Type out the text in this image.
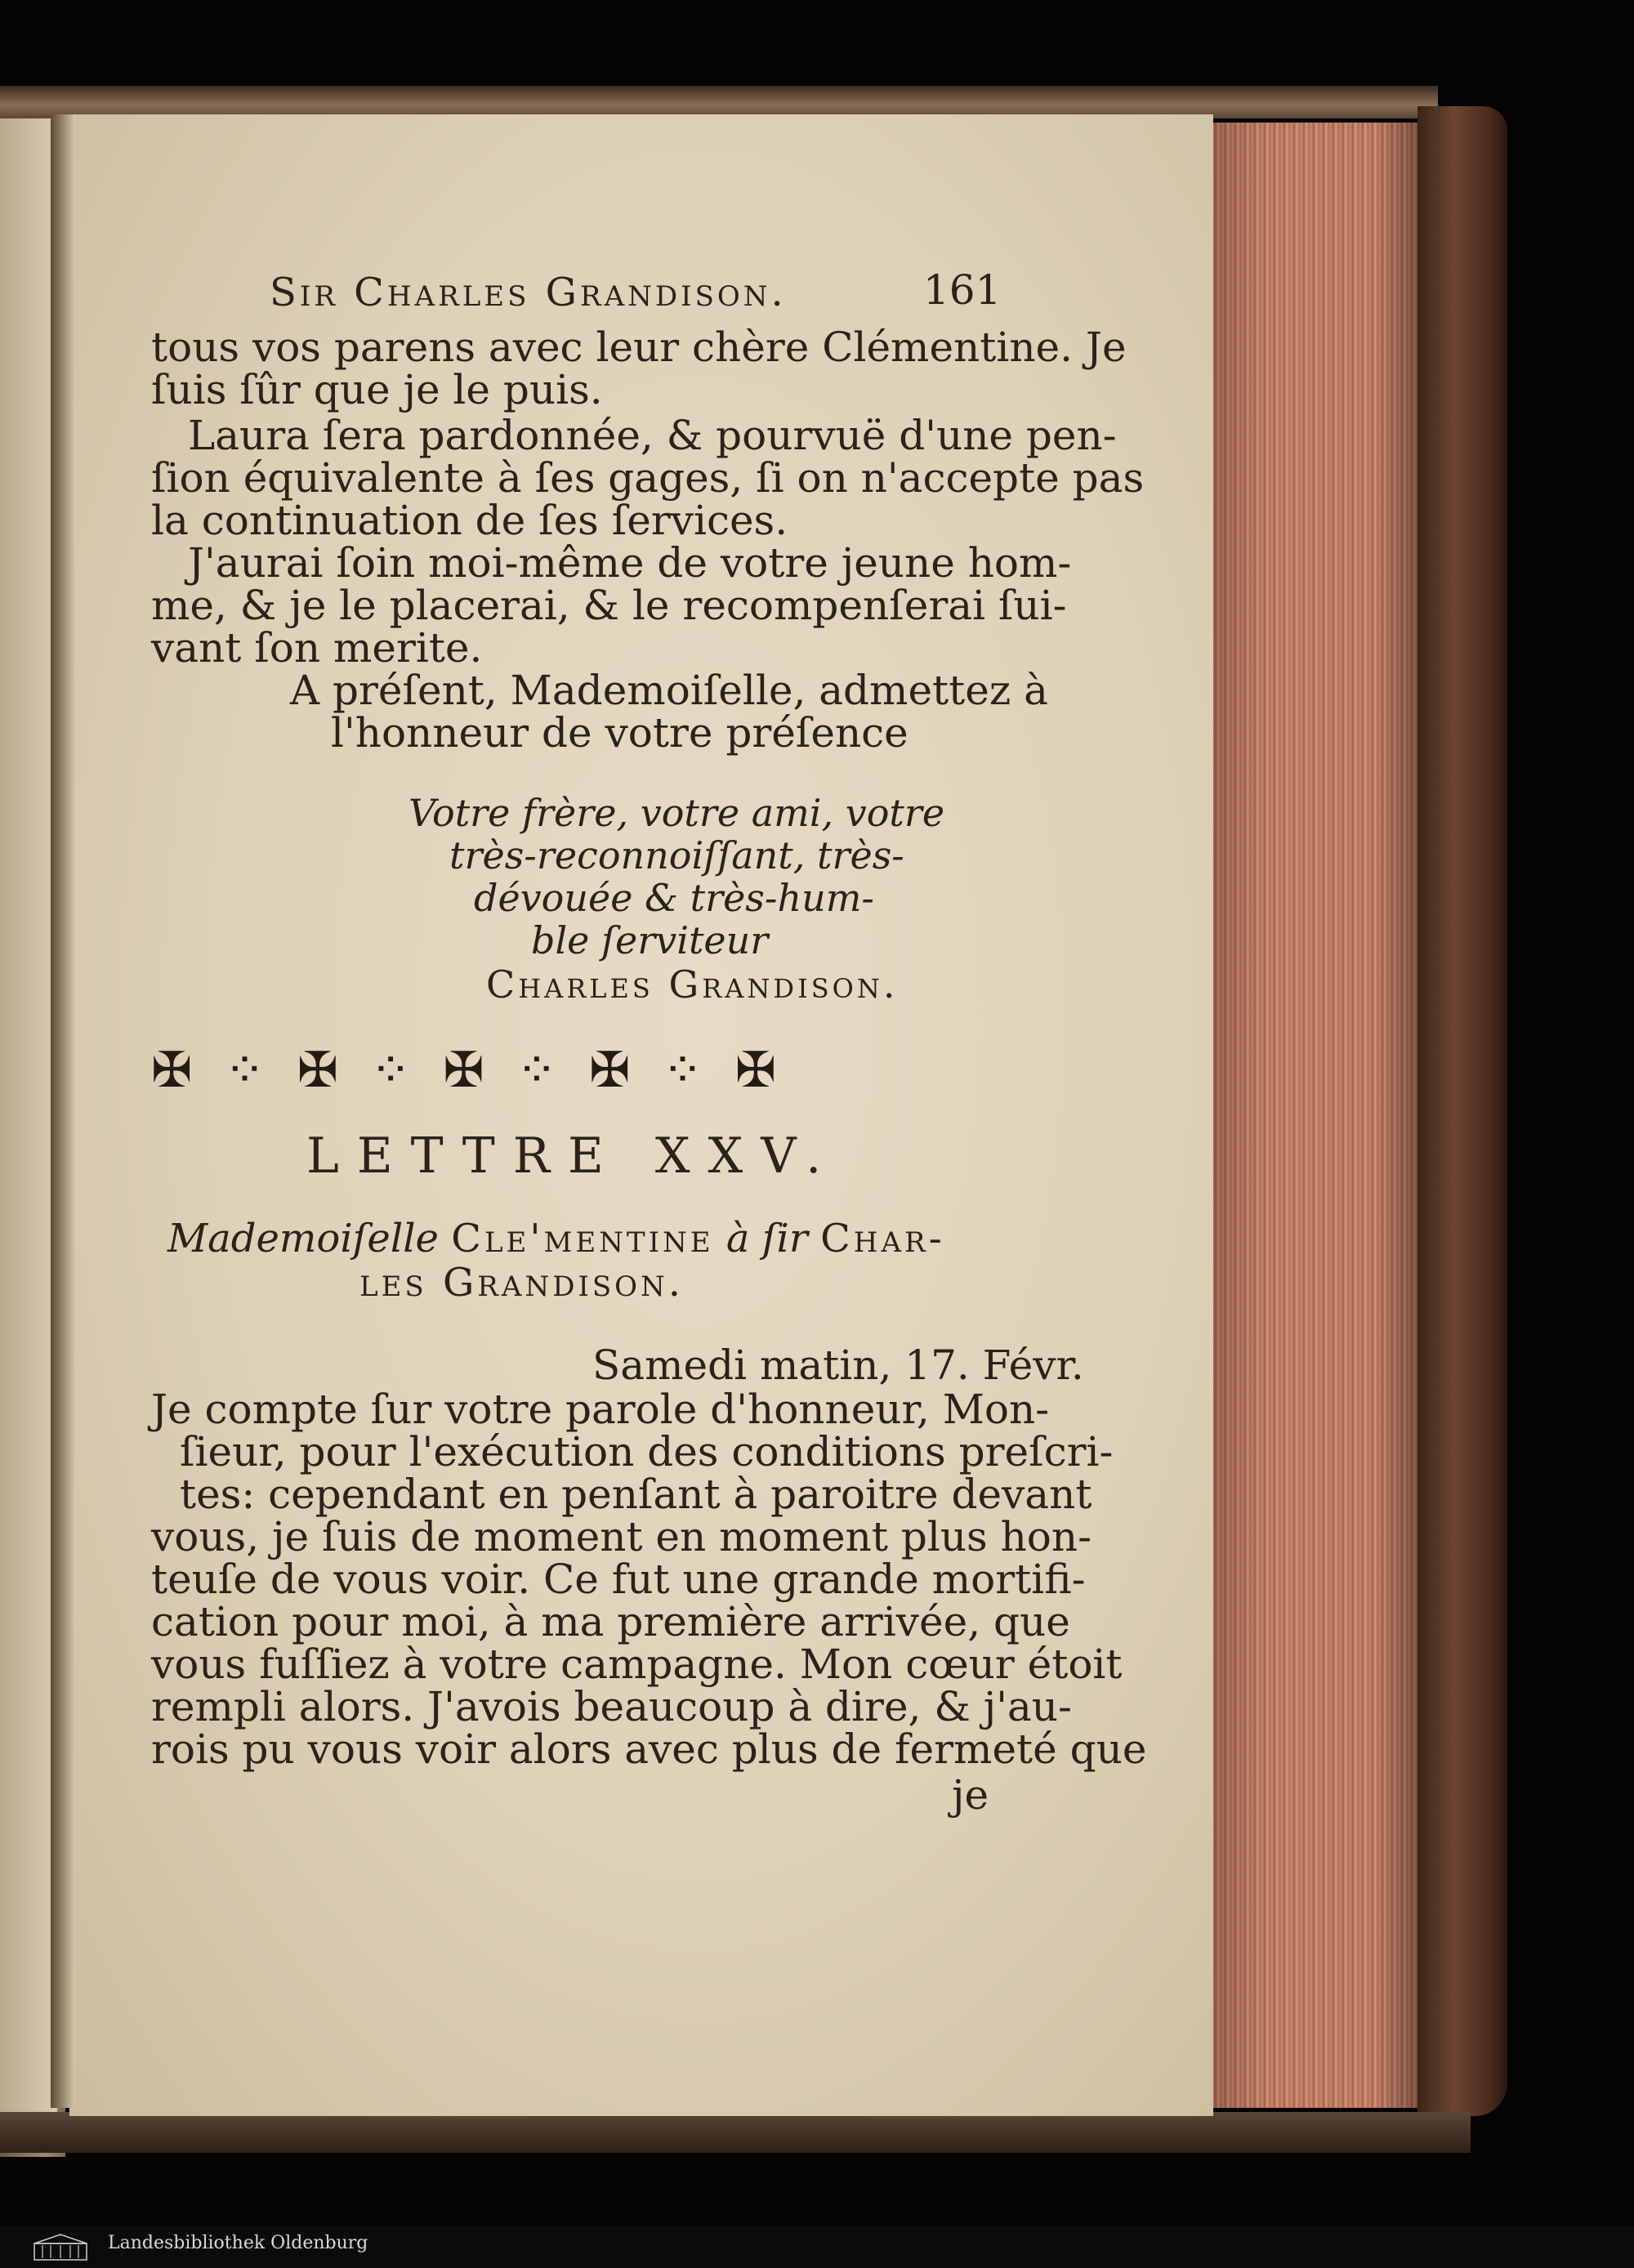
Sir Charles Grandison.	161
tous vos parens avec leur chère Clémentine. Je
ſuis ſûr que je le puis.
Laura ſera pardonnée, & pourvuë d'une pen-
ſion équivalente à ſes gages, ſi on n'accepte pas
la continuation de ſes ſervices.
J'aurai ſoin moi-même de votre jeune hom-
me, & je le placerai, & le recompenſerai ſui-
vant ſon merite.
A préſent, Mademoiſelle, admettez à
l'honneur de votre préſence
Votre frère, votre ami, votre
très-reconnoiſſant, très-
dévouée & très-hum-
ble ſerviteur
Charles Grandison.
✠ ⁘ ✠ ⁘ ✠ ⁘ ✠ ⁘ ✠
LETTRE XXV.
Mademoiſelle Cle'mentine à ſir Char-
les Grandison.
Samedi matin, 17. Févr.
Je compte ſur votre parole d'honneur, Mon-
ſieur, pour l'exécution des conditions preſcri-
tes: cependant en penſant à paroitre devant
vous, je ſuis de moment en moment plus hon-
teuſe de vous voir. Ce fut une grande mortifi-
cation pour moi, à ma première arrivée, que
vous fuſſiez à votre campagne. Mon cœur étoit
rempli alors. J'avois beaucoup à dire, & j'au-
rois pu vous voir alors avec plus de fermeté que
je
Landesbibliothek Oldenburg
